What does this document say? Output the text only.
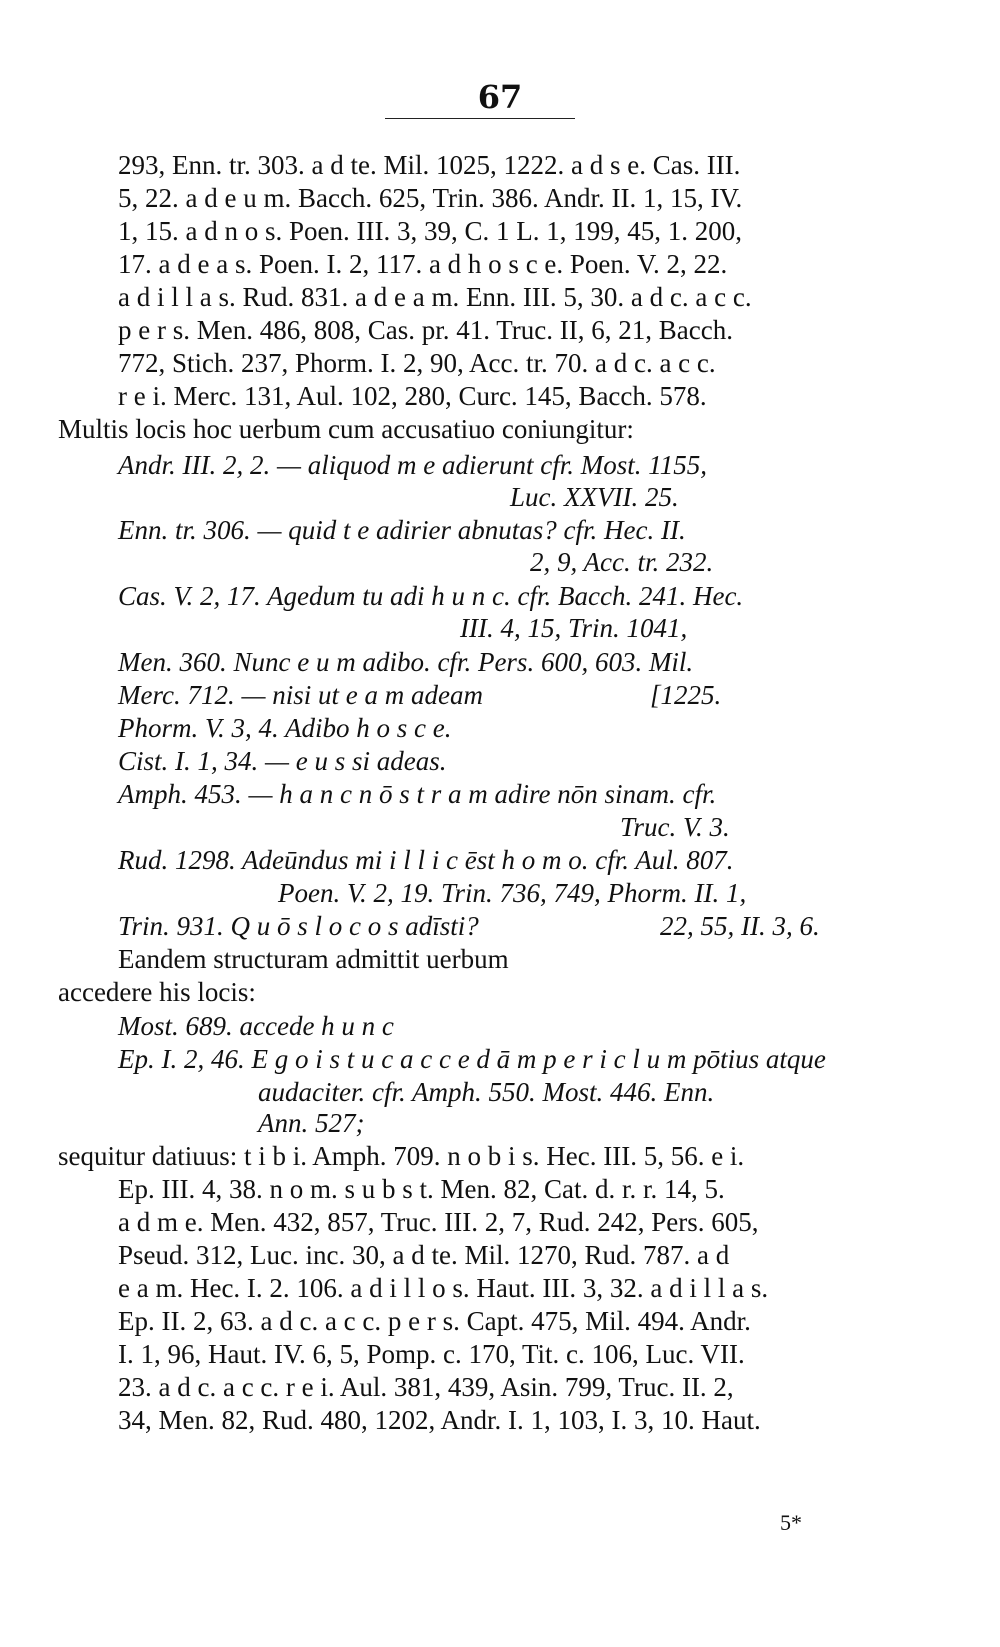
67
293, Enn. tr. 303. a d te. Mil. 1025, 1222. a d s e. Cas. III.
5, 22. a d e u m. Bacch. 625, Trin. 386. Andr. II. 1, 15, IV.
1, 15. a d n o s. Poen. III. 3, 39, C. 1 L. 1, 199, 45, 1. 200,
17. a d e a s. Poen. I. 2, 117. a d h o s c e. Poen. V. 2, 22.
a d i l l a s. Rud. 831. a d e a m. Enn. III. 5, 30. a d c. a c c.
p e r s. Men. 486, 808, Cas. pr. 41. Truc. II, 6, 21, Bacch.
772, Stich. 237, Phorm. I. 2, 90, Acc. tr. 70. a d c. a c c.
r e i. Merc. 131, Aul. 102, 280, Curc. 145, Bacch. 578.
Multis locis hoc uerbum cum accusatiuo coniungitur:
Andr. III. 2, 2. — aliquod m e adierunt cfr. Most. 1155,
Luc. XXVII. 25.
Enn. tr. 306. — quid t e adirier abnutas? cfr. Hec. II.
2, 9, Acc. tr. 232.
Cas. V. 2, 17. Agedum tu adi h u n c. cfr. Bacch. 241. Hec.
III. 4, 15, Trin. 1041,
Men. 360. Nunc e u m adibo. cfr. Pers. 600, 603. Mil.
Merc. 712. — nisi ut e a m adeam	[1225.
Phorm. V. 3, 4. Adibo h o s c e.
Cist. I. 1, 34. — e u s si adeas.
Amph. 453. — h a n c n ō s t r a m adire nōn sinam. cfr.
Truc. V. 3.
Rud. 1298. Adeūndus mi i l l i c ēst h o m o. cfr. Aul. 807.
Poen. V. 2, 19. Trin. 736, 749, Phorm. II. 1,
Trin. 931. Q u ō s l o c o s adīsti?	22, 55, II. 3, 6.
Eandem structuram admittit uerbum
accedere his locis:
Most. 689. accede h u n c
Ep. I. 2, 46. E g o i s t u c a c c e d ā m p e r i c l u m pōtius atque
audaciter. cfr. Amph. 550. Most. 446. Enn.
Ann. 527;
sequitur datiuus: t i b i. Amph. 709. n o b i s. Hec. III. 5, 56. e i.
Ep. III. 4, 38. n o m. s u b s t. Men. 82, Cat. d. r. r. 14, 5.
a d m e. Men. 432, 857, Truc. III. 2, 7, Rud. 242, Pers. 605,
Pseud. 312, Luc. inc. 30, a d te. Mil. 1270, Rud. 787. a d
e a m. Hec. I. 2. 106. a d i l l o s. Haut. III. 3, 32. a d i l l a s.
Ep. II. 2, 63. a d c. a c c. p e r s. Capt. 475, Mil. 494. Andr.
I. 1, 96, Haut. IV. 6, 5, Pomp. c. 170, Tit. c. 106, Luc. VII.
23. a d c. a c c. r e i. Aul. 381, 439, Asin. 799, Truc. II. 2,
34, Men. 82, Rud. 480, 1202, Andr. I. 1, 103, I. 3, 10. Haut.
5*
